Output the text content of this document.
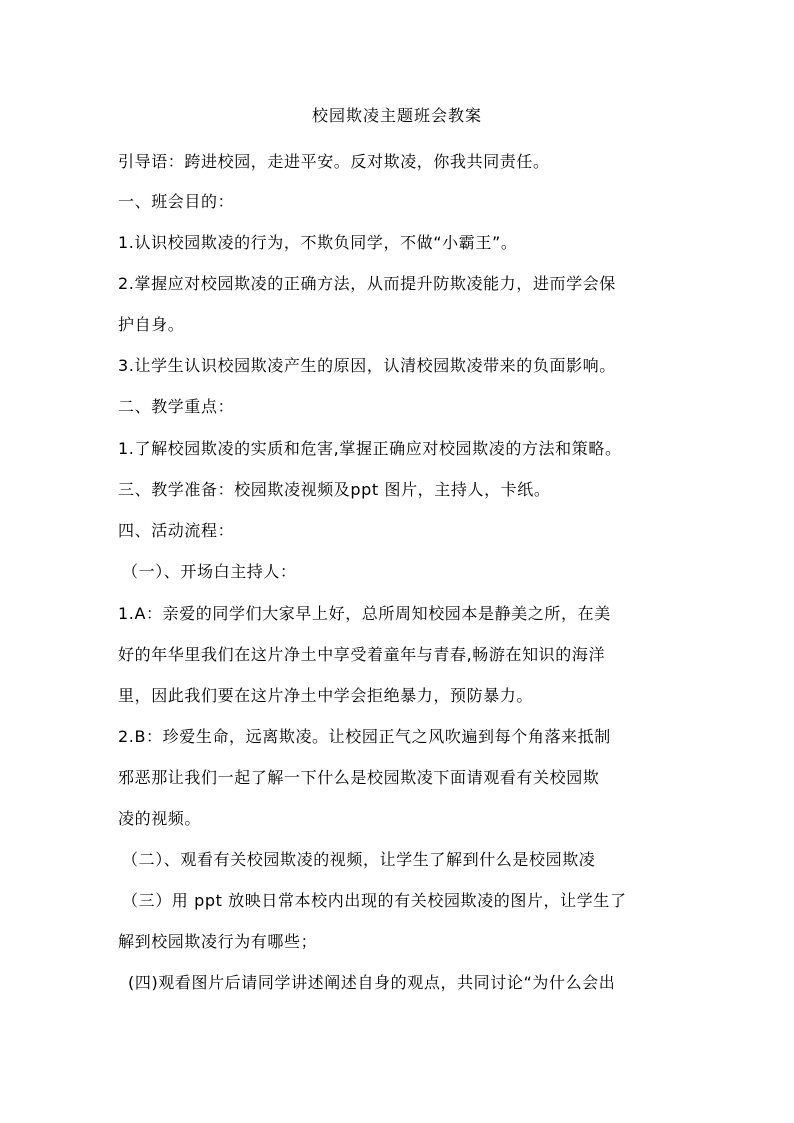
校园欺凌主题班会教案
引导语：跨进校园，走进平安。反对欺凌，你我共同责任。
一、班会目的：
1.认识校园欺凌的行为，不欺负同学，不做“小霸王”。
2.掌握应对校园欺凌的正确方法，从而提升防欺凌能力，进而学会保
护自身。
3.让学生认识校园欺凌产生的原因，认清校园欺凌带来的负面影响。
二、教学重点：
1.了解校园欺凌的实质和危害,掌握正确应对校园欺凌的方法和策略。
三、教学准备：校园欺凌视频及ppt 图片，主持人，卡纸。
四、活动流程：
（一）、开场白主持人：
1.A：亲爱的同学们大家早上好，总所周知校园本是静美之所，在美
好的年华里我们在这片净土中享受着童年与青春,畅游在知识的海洋
里，因此我们要在这片净土中学会拒绝暴力，预防暴力。
2.B：珍爱生命，远离欺凌。让校园正气之风吹遍到每个角落来抵制
邪恶那让我们一起了解一下什么是校园欺凌下面请观看有关校园欺
凌的视频。
（二）、观看有关校园欺凌的视频，让学生了解到什么是校园欺凌
（三）用 ppt 放映日常本校内出现的有关校园欺凌的图片，让学生了
解到校园欺凌行为有哪些；
(四)观看图片后请同学讲述阐述自身的观点，共同讨论“为什么会出
